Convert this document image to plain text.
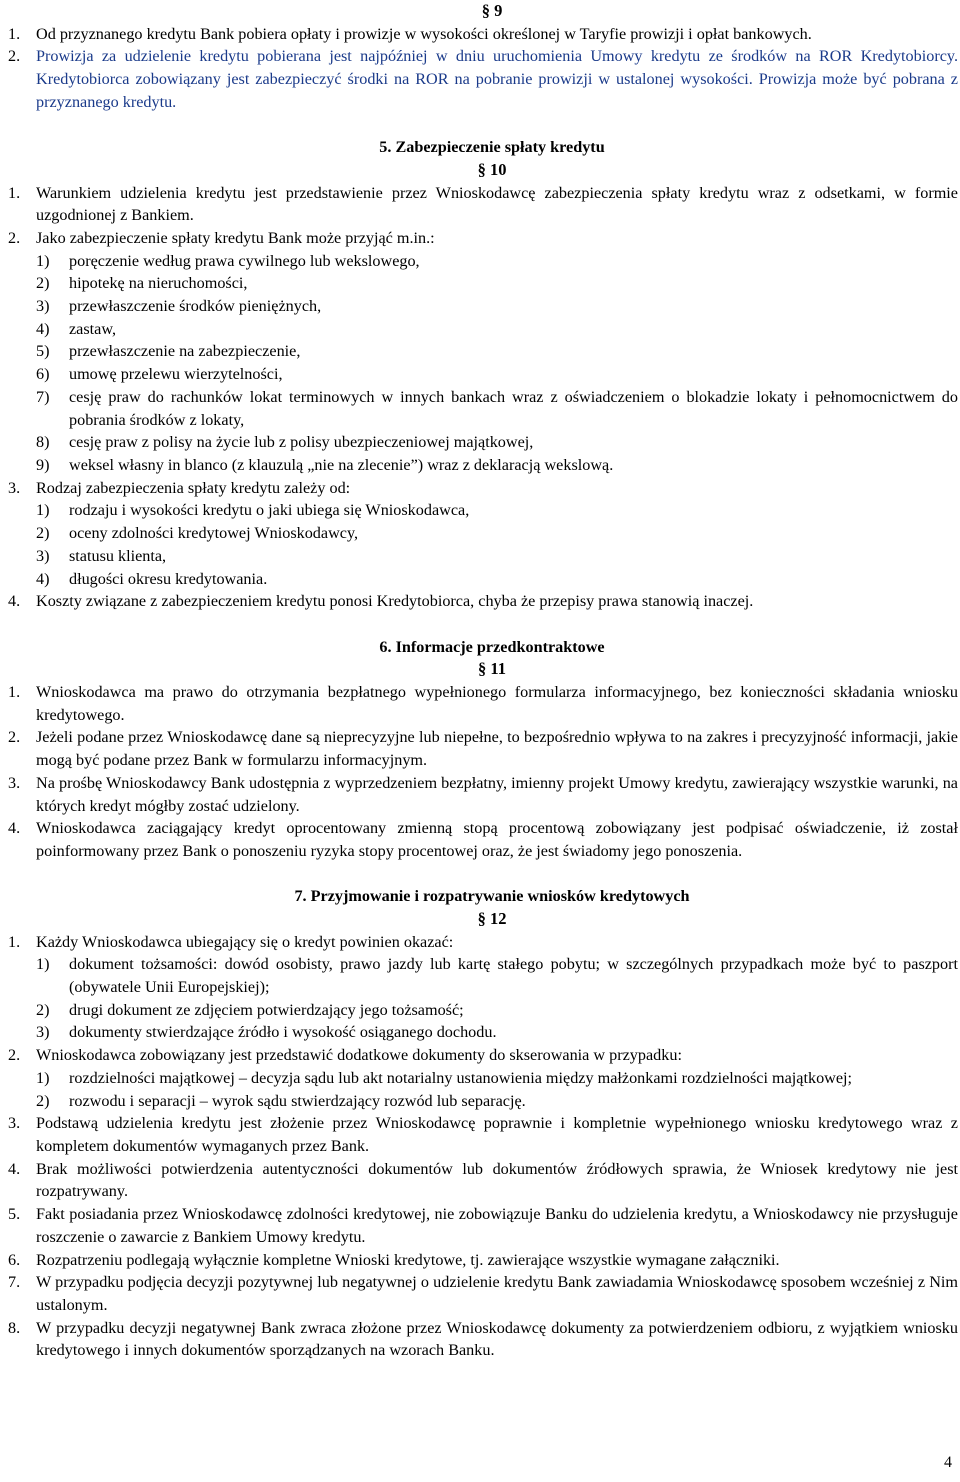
§ 9
1. Od przyznanego kredytu Bank pobiera opłaty i prowizje w wysokości określonej w Taryfie prowizji i opłat bankowych.
2. Prowizja za udzielenie kredytu pobierana jest najpóźniej w dniu uruchomienia Umowy kredytu ze środków na ROR Kredytobiorcy. Kredytobiorca zobowiązany jest zabezpieczyć środki na ROR na pobranie prowizji w ustalonej wysokości. Prowizja może być pobrana z przyznanego kredytu.
5. Zabezpieczenie spłaty kredytu
§ 10
1. Warunkiem udzielenia kredytu jest przedstawienie przez Wnioskodawcę zabezpieczenia spłaty kredytu wraz z odsetkami, w formie uzgodnionej z Bankiem.
2. Jako zabezpieczenie spłaty kredytu Bank może przyjąć m.in.:
1) poręczenie według prawa cywilnego lub wekslowego,
2) hipotekę na nieruchomości,
3) przewłaszczenie środków pieniężnych,
4) zastaw,
5) przewłaszczenie na zabezpieczenie,
6) umowę przelewu wierzytelności,
7) cesję praw do rachunków lokat terminowych w innych bankach wraz z oświadczeniem o blokadzie lokaty i pełnomocnictwem do pobrania środków z lokaty,
8) cesję praw z polisy na życie lub z polisy ubezpieczeniowej majątkowej,
9) weksel własny in blanco (z klauzulą „nie na zlecenie”) wraz z deklaracją wekslową.
3. Rodzaj zabezpieczenia spłaty kredytu zależy od:
1) rodzaju i wysokości kredytu o jaki ubiega się Wnioskodawca,
2) oceny zdolności kredytowej Wnioskodawcy,
3) statusu klienta,
4) długości okresu kredytowania.
4. Koszty związane z zabezpieczeniem kredytu ponosi Kredytobiorca, chyba że przepisy prawa stanowią inaczej.
6. Informacje przedkontraktowe
§ 11
1. Wnioskodawca ma prawo do otrzymania bezpłatnego wypełnionego formularza informacyjnego, bez konieczności składania wniosku kredytowego.
2. Jeżeli podane przez Wnioskodawcę dane są nieprecyzyjne lub niepełne, to bezpośrednio wpływa to na zakres i precyzyjność informacji, jakie mogą być podane przez Bank w formularzu informacyjnym.
3. Na prośbę Wnioskodawcy Bank udostępnia z wyprzedzeniem bezpłatny, imienny projekt Umowy kredytu, zawierający wszystkie warunki, na których kredyt mógłby zostać udzielony.
4. Wnioskodawca zaciągający kredyt oprocentowany zmienną stopą procentową zobowiązany jest podpisać oświadczenie, iż został poinformowany przez Bank o ponoszeniu ryzyka stopy procentowej oraz, że jest świadomy jego ponoszenia.
7. Przyjmowanie i rozpatrywanie wniosków kredytowych
§ 12
1. Każdy Wnioskodawca ubiegający się o kredyt powinien okazać:
1) dokument tożsamości: dowód osobisty, prawo jazdy lub kartę stałego pobytu; w szczególnych przypadkach może być to paszport (obywatele Unii Europejskiej);
2) drugi dokument ze zdjęciem potwierdzający jego tożsamość;
3) dokumenty stwierdzające źródło i wysokość osiąganego dochodu.
2. Wnioskodawca zobowiązany jest przedstawić dodatkowe dokumenty do skserowania w przypadku:
1) rozdzielności majątkowej – decyzja sądu lub akt notarialny ustanowienia między małżonkami rozdzielności majątkowej;
2) rozwodu i separacji – wyrok sądu stwierdzający rozwód lub separację.
3. Podstawą udzielenia kredytu jest złożenie przez Wnioskodawcę poprawnie i kompletnie wypełnionego wniosku kredytowego wraz z kompletem dokumentów wymaganych przez Bank.
4. Brak możliwości potwierdzenia autentyczności dokumentów lub dokumentów źródłowych sprawia, że Wniosek kredytowy nie jest rozpatrywany.
5. Fakt posiadania przez Wnioskodawcę zdolności kredytowej, nie zobowiązuje Banku do udzielenia kredytu, a Wnioskodawcy nie przysługuje roszczenie o zawarcie z Bankiem Umowy kredytu.
6. Rozpatrzeniu podlegają wyłącznie kompletne Wnioski kredytowe, tj. zawierające wszystkie wymagane załączniki.
7. W przypadku podjęcia decyzji pozytywnej lub negatywnej o udzielenie kredytu Bank zawiadamia Wnioskodawcę sposobem wcześniej z Nim ustalonym.
8. W przypadku decyzji negatywnej Bank zwraca złożone przez Wnioskodawcę dokumenty za potwierdzeniem odbioru, z wyjątkiem wniosku kredytowego i innych dokumentów sporządzanych na wzorach Banku.
4
